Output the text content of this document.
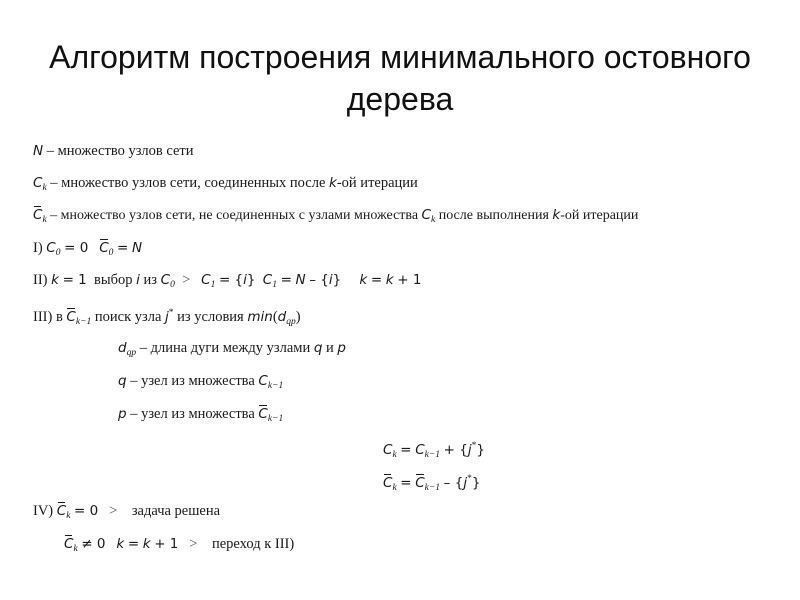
Алгоритм построения минимального остовного дерева
N – множество узлов сети
$C_k$ – множество узлов сети, соединенных после k-ой итерации
$C_k$ – множество узлов сети, не соединенных с узлами множества $C_k$ после выполнения k-ой итерации
I) $C_0 = 0$ $C_0 = N$
II) k = 1  выбор i из $C_0 > C_1 = \{i\} C_1 = N - \{i\} k = k + 1$
III) в $C_{k-1}$ поиск узла j* из условия $\min(d_{qp})$
$d_{qp}$ – длина дуги между узлами q и p
q – узел из множества $C_{k-1}$
p – узел из множества $C_{k-1}$
$C_k = C_{k-1} + \{j^*\}$
$C_k = C_{k-1} - \{j^*\}$
IV) $C_k = 0$ >    задача решена
$C_k \ne 0$ k = k + 1 >    переход к III)
